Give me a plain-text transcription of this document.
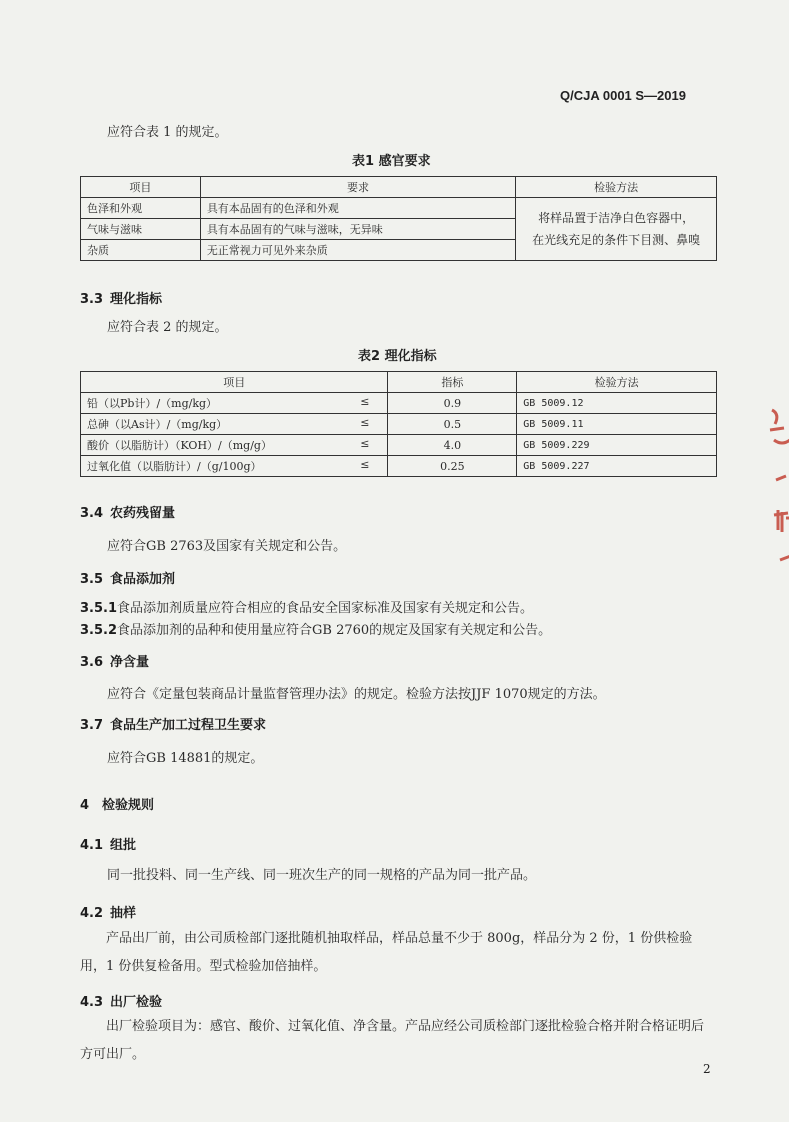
Q/CJA 0001 S—2019
应符合表 1 的规定。
表1 感官要求
项目	要求	检验方法
色泽和外观	具有本品固有的色泽和外观	将样品置于洁净白色容器中，
在光线充足的条件下目测、鼻嗅
气味与滋味	具有本品固有的气味与滋味，无异味	
杂质	无正常视力可见外来杂质	
3.3 理化指标
应符合表 2 的规定。
表2 理化指标
项目	指标	检验方法
铅（以Pb计）/（mg/kg） ≤	0.9	GB 5009.12
总砷（以As计）/（mg/kg） ≤	0.5	GB 5009.11
酸价（以脂肪计）（KOH）/（mg/g） ≤	4.0	GB 5009.229
过氧化值（以脂肪计）/（g/100g） ≤	0.25	GB 5009.227
3.4 农药残留量
应符合GB 2763及国家有关规定和公告。
3.5 食品添加剂
3.5.1食品添加剂质量应符合相应的食品安全国家标准及国家有关规定和公告。
3.5.2食品添加剂的品种和使用量应符合GB 2760的规定及国家有关规定和公告。
3.6 净含量
应符合《定量包装商品计量监督管理办法》的规定。检验方法按JJF 1070规定的方法。
3.7 食品生产加工过程卫生要求
应符合GB 14881的规定。
4 检验规则
4.1 组批
同一批投料、同一生产线、同一班次生产的同一规格的产品为同一批产品。
4.2 抽样
产品出厂前，由公司质检部门逐批随机抽取样品，样品总量不少于 800g，样品分为 2 份，1 份供检验用，1 份供复检备用。型式检验加倍抽样。
4.3 出厂检验
出厂检验项目为：感官、酸价、过氧化值、净含量。产品应经公司质检部门逐批检验合格并附合格证明后方可出厂。
2
